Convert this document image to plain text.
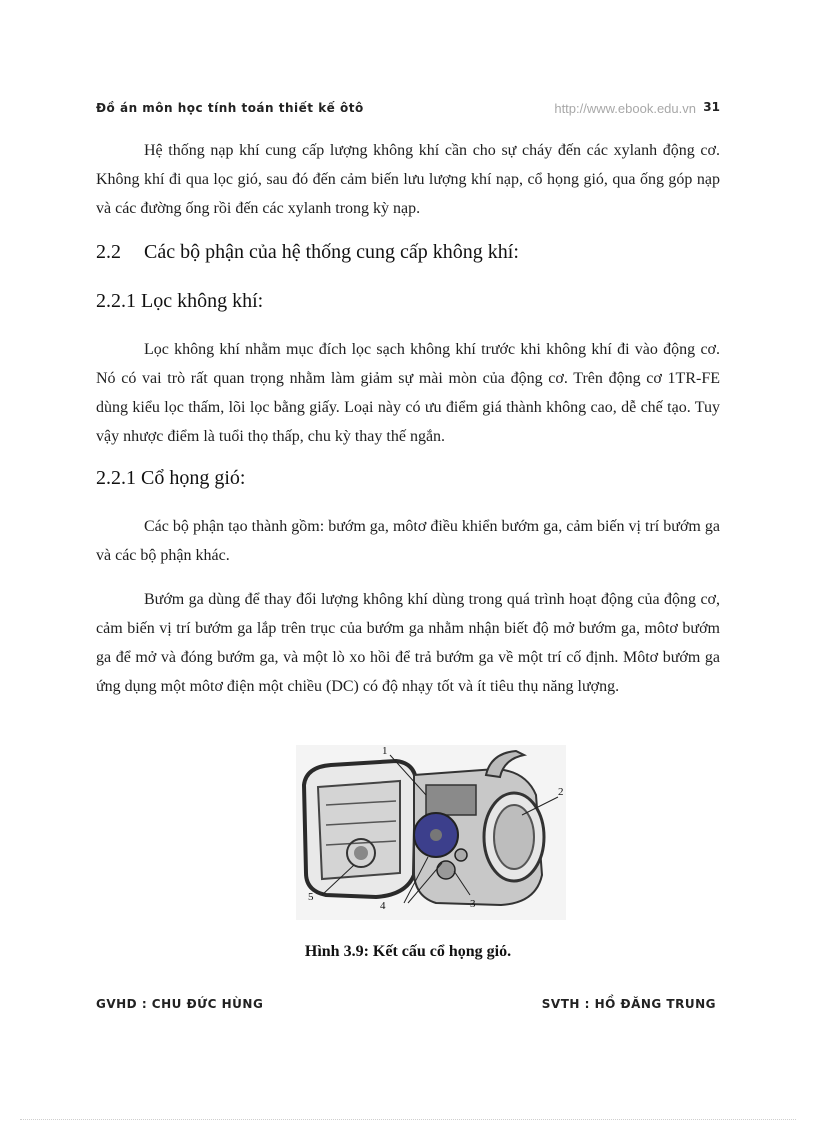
Đồ án môn học tính toán thiết kế ôtô	http://www.ebook.edu.vn 31

Hệ thống nạp khí cung cấp lượng không khí cần cho sự cháy đến các xylanh động cơ. Không khí đi qua lọc gió, sau đó đến cảm biến lưu lượng khí nạp, cổ họng gió, qua ống góp nạp và các đường ống rồi đến các xylanh trong kỳ nạp.

2.2 Các bộ phận của hệ thống cung cấp không khí:
2.2.1 Lọc không khí:

Lọc không khí nhằm mục đích lọc sạch không khí trước khi không khí đi vào động cơ. Nó có vai trò rất quan trọng nhằm làm giảm sự mài mòn của động cơ. Trên động cơ 1TR-FE dùng kiểu lọc thấm, lõi lọc bằng giấy. Loại này có ưu điểm giá thành không cao, dễ chế tạo. Tuy vậy nhược điểm là tuổi thọ thấp, chu kỳ thay thế ngắn.

2.2.1 Cổ họng gió:

Các bộ phận tạo thành gồm: bướm ga, môtơ điều khiển bướm ga, cảm biến vị trí bướm ga và các bộ phận khác.

Bướm ga dùng để thay đổi lượng không khí dùng trong quá trình hoạt động của động cơ, cảm biến vị trí bướm ga lắp trên trục của bướm ga nhằm nhận biết độ mở bướm ga, môtơ bướm ga để mở và đóng bướm ga, và một lò xo hồi để trả bướm ga về một trí cố định. Môtơ bướm ga ứng dụng một môtơ điện một chiều (DC) có độ nhạy tốt và ít tiêu thụ năng lượng.

1
2
3
4
5
Hình 3.9: Kết cấu cổ họng gió.
GVHD : CHU ĐỨC HÙNG	SVTH : HỒ ĐĂNG TRUNG
